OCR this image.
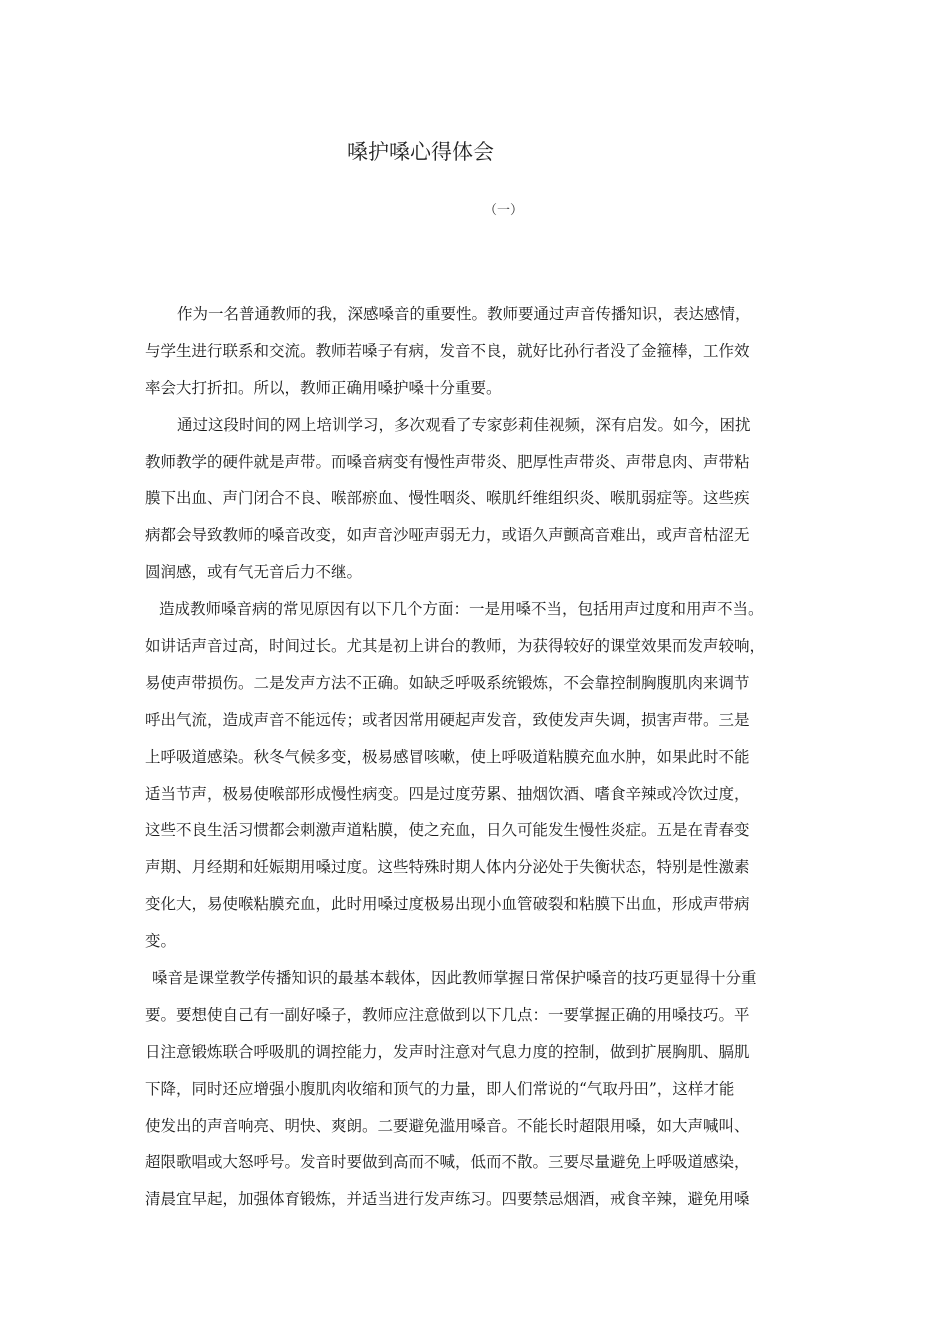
嗓护嗓心得体会
（一）
作为一名普通教师的我，深感嗓音的重要性。教师要通过声音传播知识，表达感情，
与学生进行联系和交流。教师若嗓子有病，发音不良，就好比孙行者没了金箍棒，工作效
率会大打折扣。所以，教师正确用嗓护嗓十分重要。
通过这段时间的网上培训学习，多次观看了专家彭莉佳视频，深有启发。如今，困扰
教师教学的硬件就是声带。而嗓音病变有慢性声带炎、肥厚性声带炎、声带息肉、声带粘
膜下出血、声门闭合不良、喉部瘀血、慢性咽炎、喉肌纤维组织炎、喉肌弱症等。这些疾
病都会导致教师的嗓音改变，如声音沙哑声弱无力，或语久声颤高音难出，或声音枯涩无
圆润感，或有气无音后力不继。
造成教师嗓音病的常见原因有以下几个方面：一是用嗓不当，包括用声过度和用声不当。
如讲话声音过高，时间过长。尤其是初上讲台的教师，为获得较好的课堂效果而发声较响，
易使声带损伤。二是发声方法不正确。如缺乏呼吸系统锻炼，不会靠控制胸腹肌肉来调节
呼出气流，造成声音不能远传；或者因常用硬起声发音，致使发声失调，损害声带。三是
上呼吸道感染。秋冬气候多变，极易感冒咳嗽，使上呼吸道粘膜充血水肿，如果此时不能
适当节声，极易使喉部形成慢性病变。四是过度劳累、抽烟饮酒、嗜食辛辣或冷饮过度，
这些不良生活习惯都会刺激声道粘膜，使之充血，日久可能发生慢性炎症。五是在青春变
声期、月经期和妊娠期用嗓过度。这些特殊时期人体内分泌处于失衡状态，特别是性激素
变化大，易使喉粘膜充血，此时用嗓过度极易出现小血管破裂和粘膜下出血，形成声带病
变。
嗓音是课堂教学传播知识的最基本载体，因此教师掌握日常保护嗓音的技巧更显得十分重
要。要想使自己有一副好嗓子，教师应注意做到以下几点：一要掌握正确的用嗓技巧。平
日注意锻炼联合呼吸肌的调控能力，发声时注意对气息力度的控制，做到扩展胸肌、膈肌
下降，同时还应增强小腹肌肉收缩和顶气的力量，即人们常说的“气取丹田”，这样才能
使发出的声音响亮、明快、爽朗。二要避免滥用嗓音。不能长时超限用嗓，如大声喊叫、
超限歌唱或大怒呼号。发音时要做到高而不喊，低而不散。三要尽量避免上呼吸道感染，
清晨宜早起，加强体育锻炼，并适当进行发声练习。四要禁忌烟酒，戒食辛辣，避免用嗓
